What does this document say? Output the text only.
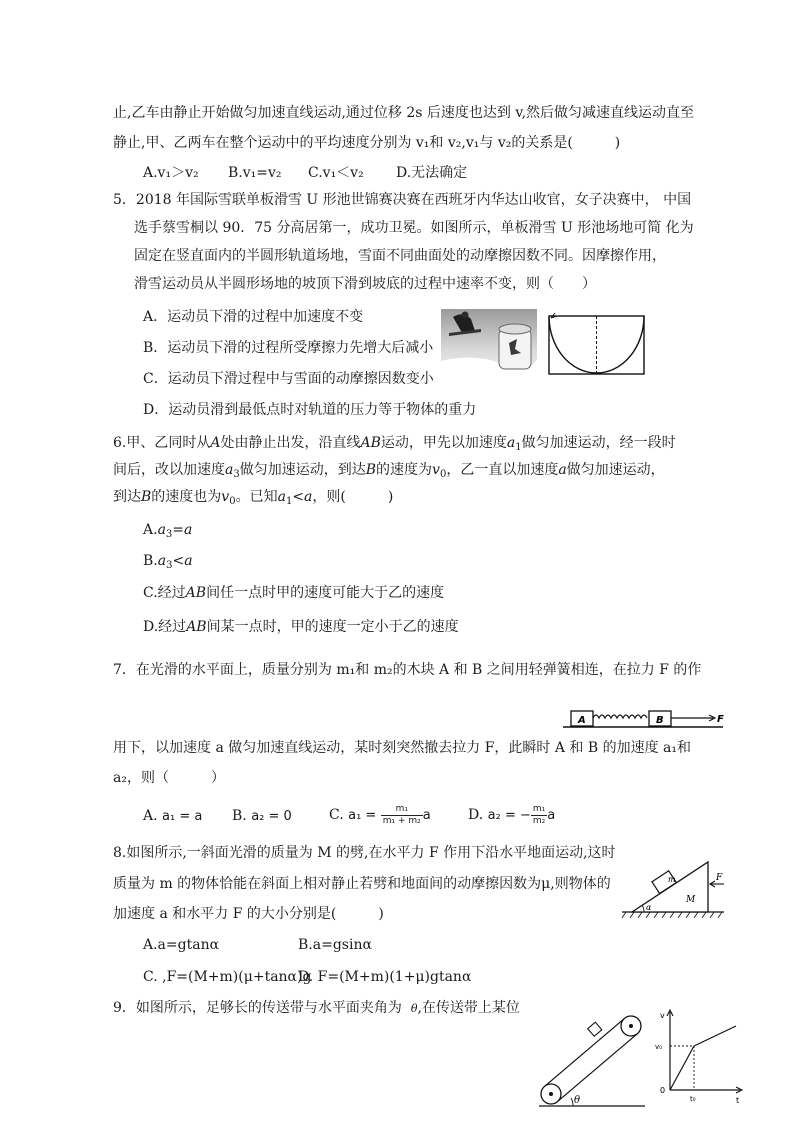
止,乙车由静止开始做匀加速直线运动,通过位移 2s 后速度也达到 v,然后做匀减速直线运动直至
静止,甲、乙两车在整个运动中的平均速度分别为 v₁和 v₂,v₁与 v₂的关系是(　　　)
A.v₁＞v₂ B.v₁=v₂ C.v₁＜v₂ D.无法确定
5．2018 年国际雪联单板滑雪 U 形池世锦赛决赛在西班牙内华达山收官，女子决赛中， 中国
选手蔡雪桐以 90．75 分高居第一，成功卫冕。如图所示，单板滑雪 U 形池场地可简 化为
固定在竖直面内的半圆形轨道场地，雪面不同曲面处的动摩擦因数不同。因摩擦作用，
滑雪运动员从半圆形场地的坡顶下滑到坡底的过程中速率不变，则（　　）
A．运动员下滑的过程中加速度不变
B．运动员下滑的过程所受摩擦力先增大后减小
C．运动员下滑过程中与雪面的动摩擦因数变小
D．运动员滑到最低点时对轨道的压力等于物体的重力
6.甲、乙同时从A处由静止出发，沿直线AB运动，甲先以加速度$a_1$做匀加速运动，经一段时
间后，改以加速度$a_3$做匀加速运动，到达B的速度为$v_0$，乙一直以加速度a做匀加速运动，
到达B的速度也为$v_0$。已知$a_1<a$，则(　　　)
$A.a_3=a$
$B.a_3<a$
C.经过AB间任一点时甲的速度可能大于乙的速度
D.经过AB间某一点时，甲的速度一定小于乙的速度
7．在光滑的水平面上，质量分别为 m₁和 m₂的木块 A 和 B 之间用轻弹簧相连，在拉力 F 的作
A	B	F
用下，以加速度 a 做匀加速直线运动，某时刻突然撤去拉力 F，此瞬时 A 和 B 的加速度 a₁和
a₂，则（　　　）
A. a₁ = a B. a₂ = 0	C. $a_1 = \frac{\text{m₁}}{\text{m₁ + m₂}}$ a	D. a₂ = − $\frac{\text{m₁}}{\text{m₂}}$ a
8.如图所示,一斜面光滑的质量为 M 的劈,在水平力 F 作用下沿水平地面运动,这时
质量为 m 的物体恰能在斜面上相对静止若劈和地面间的动摩擦因数为μ,则物体的
加速度 a 和水平力 F 的大小分别是(　　　)
A.a=gtanα	B.a=gsinα
C. ,F=(M+m)(μ+tanα)g
D. F=(M+m)(1+μ)gtanα
m
M
F
α
9．如图所示，足够长的传送带与水平面夹角为 θ,在传送带上某位
θ
v
v₀
0
t₀	t
